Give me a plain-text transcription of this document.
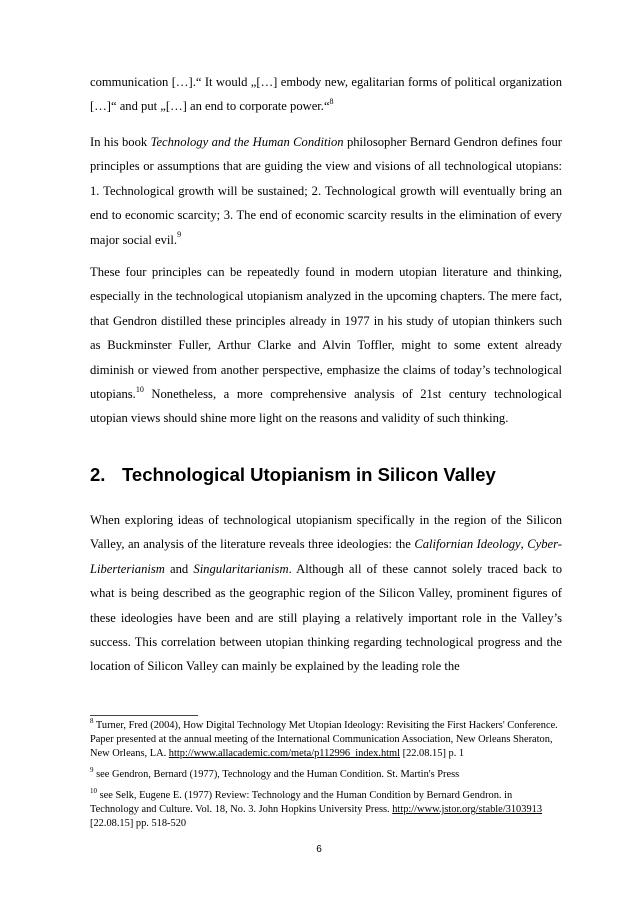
communication […].“ It would „[…] embody new, egalitarian forms of political organization […]“ and put „[…] an end to corporate power.“$^8$

In his book Technology and the Human Condition philosopher Bernard Gendron defines four principles or assumptions that are guiding the view and visions of all technological utopians: 1. Technological growth will be sustained; 2. Technological growth will eventually bring an end to economic scarcity; 3. The end of economic scarcity results in the elimination of every major social evil.$^9$

These four principles can be repeatedly found in modern utopian literature and thinking, especially in the technological utopianism analyzed in the upcoming chapters. The mere fact, that Gendron distilled these principles already in 1977 in his study of utopian thinkers such as Buckminster Fuller, Arthur Clarke and Alvin Toffler, might to some extent already diminish or viewed from another perspective, emphasize the claims of today’s technological utopians.$^{10}$ Nonetheless, a more comprehensive analysis of 21st century technological utopian views should shine more light on the reasons and validity of such thinking.

2. Technological Utopianism in Silicon Valley

When exploring ideas of technological utopianism specifically in the region of the Silicon Valley, an analysis of the literature reveals three ideologies: the Californian Ideology, Cyber-Liberterianism and Singularitarianism. Although all of these cannot solely traced back to what is being described as the geographic region of the Silicon Valley, prominent figures of these ideologies have been and are still playing a relatively important role in the Valley’s success. This correlation between utopian thinking regarding technological progress and the location of Silicon Valley can mainly be explained by the leading role the

$^8$ Turner, Fred (2004), How Digital Technology Met Utopian Ideology: Revisiting the First Hackers' Conference. Paper presented at the annual meeting of the International Communication Association, New Orleans Sheraton, New Orleans, LA. http://www.allacademic.com/meta/p112996_index.html [22.08.15] p. 1

$^9$ see Gendron, Bernard (1977), Technology and the Human Condition. St. Martin's Press

$^{10}$ see Selk, Eugene E. (1977) Review: Technology and the Human Condition by Bernard Gendron. in Technology and Culture. Vol. 18, No. 3. John Hopkins University Press. http://www.jstor.org/stable/3103913 [22.08.15] pp. 518-520

6
